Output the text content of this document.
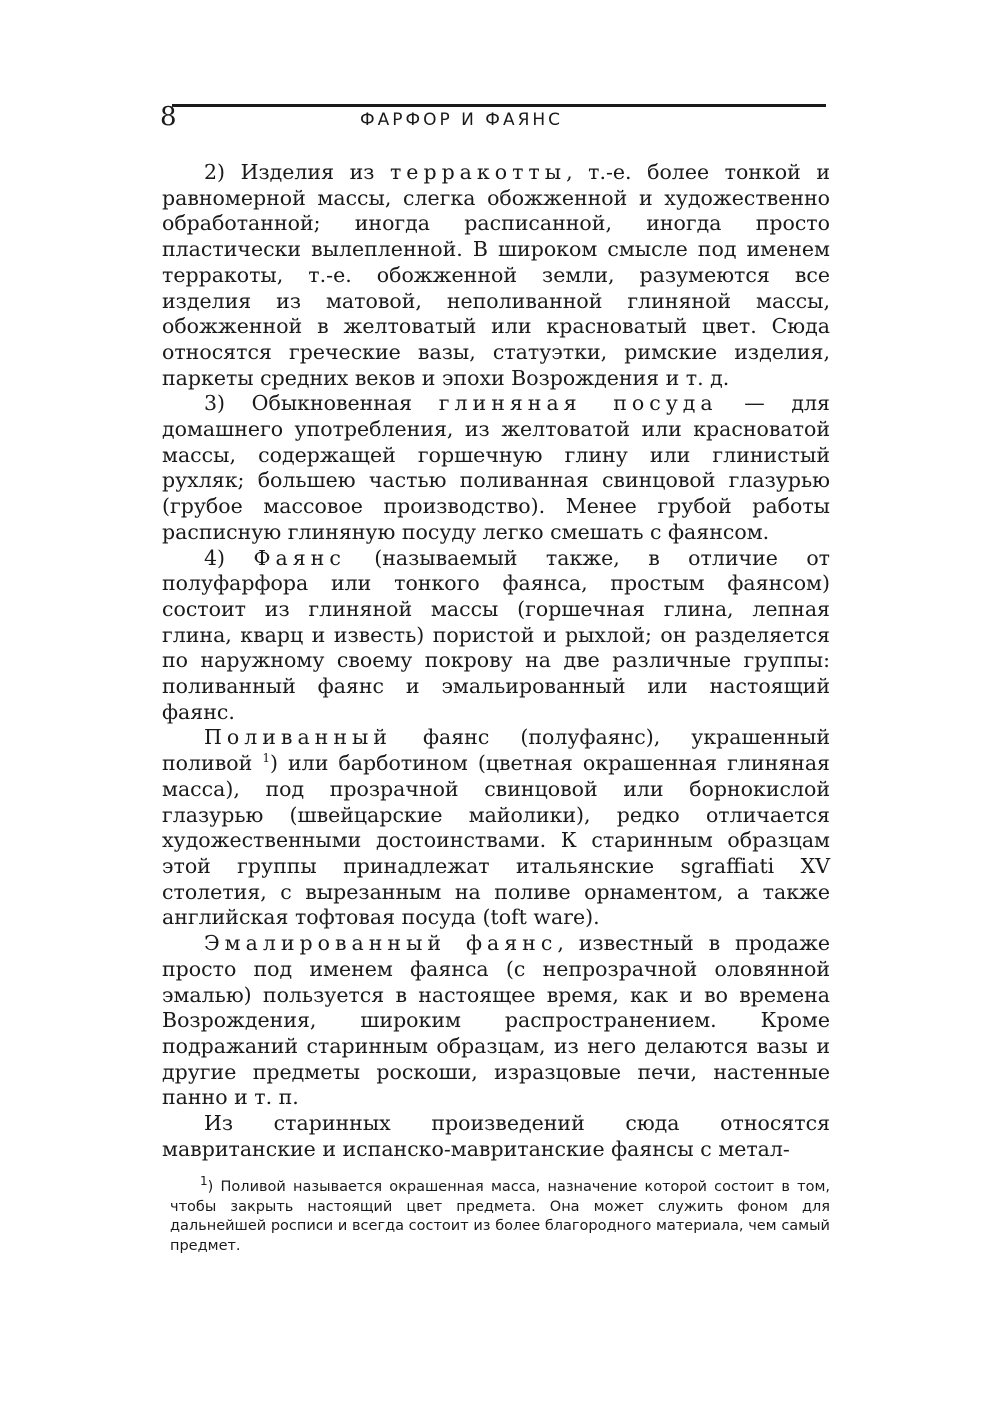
8	ФАРФОР И ФАЯНС

2) Изделия из терракотты, т.-е. более тонкой и равномерной массы, слегка обожженной и художественно обработанной; иногда расписанной, иногда просто пластически вылепленной. В широком смысле под именем терракоты, т.-е. обожженной земли, разумеются все изделия из матовой, неполиванной глиняной массы, обожженной в желтоватый или красноватый цвет. Сюда относятся греческие вазы, статуэтки, римские изделия, паркеты средних веков и эпохи Возрождения и т. д.

3) Обыкновенная глиняная посуда — для домашнего употребления, из желтоватой или красноватой массы, содержащей горшечную глину или глинистый рухляк; большею частью поливанная свинцовой глазурью (грубое массовое производство). Менее грубой работы расписную глиняную посуду легко смешать с фаянсом.

4) Фаянс (называемый также, в отличие от полуфарфора или тонкого фаянса, простым фаянсом) состоит из глиняной массы (горшечная глина, лепная глина, кварц и известь) пористой и рыхлой; он разделяется по наружному своему покрову на две различные группы: поливанный фаянс и эмальированный или настоящий фаянс.

Поливанный фаянс (полуфаянс), украшенный поливой $^1$) или барботином (цветная окрашенная глиняная масса), под прозрачной свинцовой или борнокислой глазурью (швейцарские майолики), редко отличается художественными достоинствами. К старинным образцам этой группы принадлежат итальянские sgraffiati XV столетия, с вырезанным на поливе орнаментом, а также английская тофтовая посуда (toft ware).

Эмалированный фаянс, известный в продаже просто под именем фаянса (с непрозрачной оловянной эмалью) пользуется в настоящее время, как и во времена Возрождения, широким распространением. Кроме подражаний старинным образцам, из него делаются вазы и другие предметы роскоши, изразцовые печи, настенные панно и т. п.

Из старинных произведений сюда относятся мавританские и испанско-мавританские фаянсы с метал-

$^1$) Поливой называется окрашенная масса, назначение которой состоит в том, чтобы закрыть настоящий цвет предмета. Она может служить фоном для дальнейшей росписи и всегда состоит из более благородного материала, чем самый предмет.
